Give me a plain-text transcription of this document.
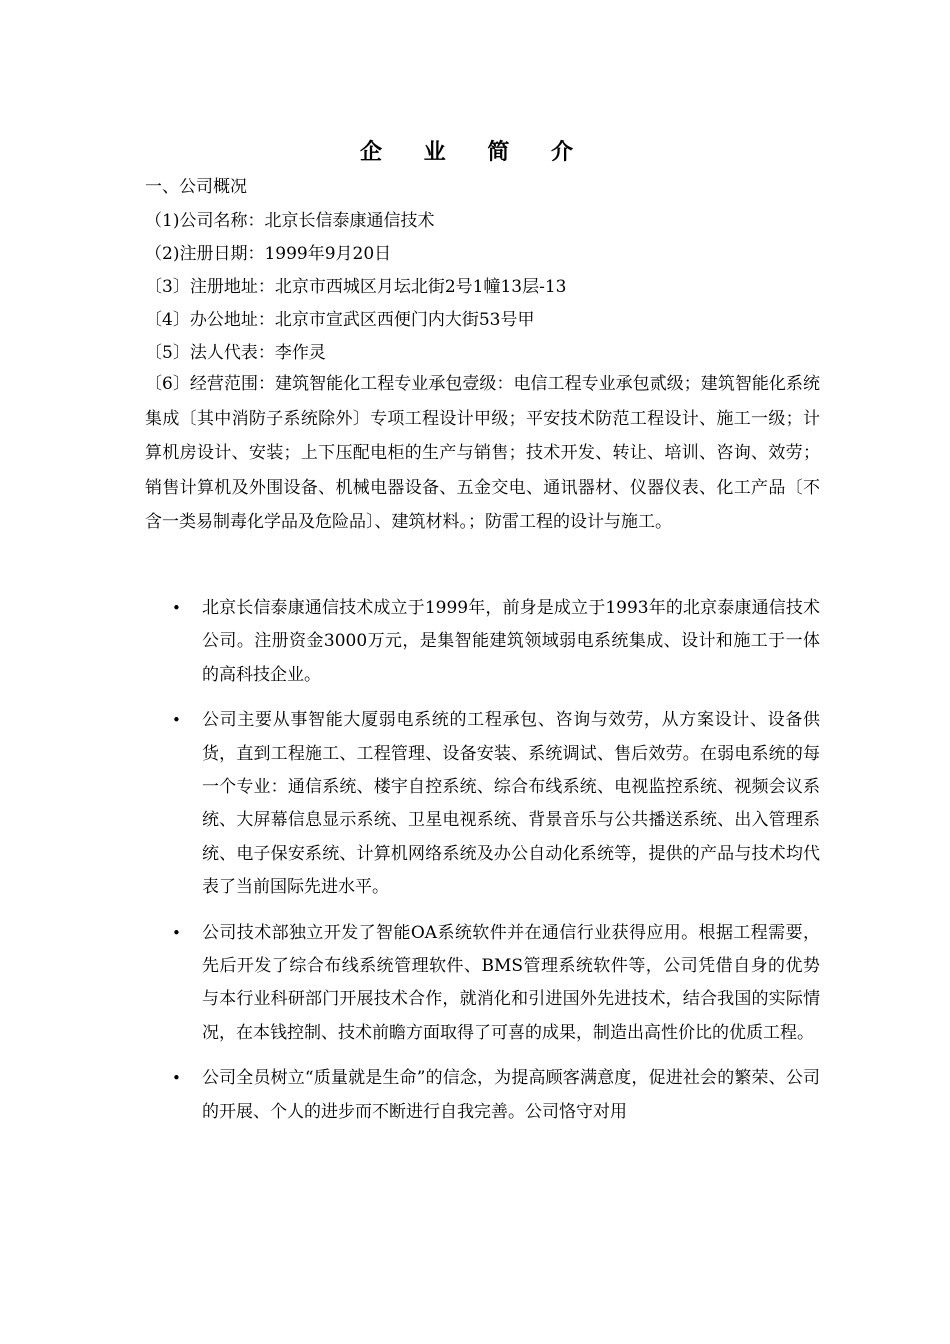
企 业 简 介
一、公司概况
（1)公司名称：北京长信泰康通信技术
（2)注册日期：1999年9月20日
〔3〕注册地址：北京市西城区月坛北街2号1幢13层-13
〔4〕办公地址：北京市宣武区西便门内大街53号甲
〔5〕法人代表：李作灵
〔6〕经营范围：建筑智能化工程专业承包壹级：电信工程专业承包贰级；建筑智能化系统集成〔其中消防子系统除外〕专项工程设计甲级；平安技术防范工程设计、施工一级；计算机房设计、安装；上下压配电柜的生产与销售；技术开发、转让、培训、咨询、效劳；销售计算机及外围设备、机械电器设备、五金交电、通讯器材、仪器仪表、化工产品〔不含一类易制毒化学品及危险品〕、建筑材料。；防雷工程的设计与施工。
• 北京长信泰康通信技术成立于1999年，前身是成立于1993年的北京泰康通信技术公司。注册资金3000万元，是集智能建筑领域弱电系统集成、设计和施工于一体的高科技企业。
• 公司主要从事智能大厦弱电系统的工程承包、咨询与效劳，从方案设计、设备供货，直到工程施工、工程管理、设备安装、系统调试、售后效劳。在弱电系统的每一个专业：通信系统、楼宇自控系统、综合布线系统、电视监控系统、视频会议系统、大屏幕信息显示系统、卫星电视系统、背景音乐与公共播送系统、出入管理系统、电子保安系统、计算机网络系统及办公自动化系统等，提供的产品与技术均代表了当前国际先进水平。
• 公司技术部独立开发了智能OA系统软件并在通信行业获得应用。根据工程需要，先后开发了综合布线系统管理软件、BMS管理系统软件等，公司凭借自身的优势与本行业科研部门开展技术合作，就消化和引进国外先进技术，结合我国的实际情况，在本钱控制、技术前瞻方面取得了可喜的成果，制造出高性价比的优质工程。
• 公司全员树立“质量就是生命”的信念，为提高顾客满意度，促进社会的繁荣、公司的开展、个人的进步而不断进行自我完善。公司恪守对用
